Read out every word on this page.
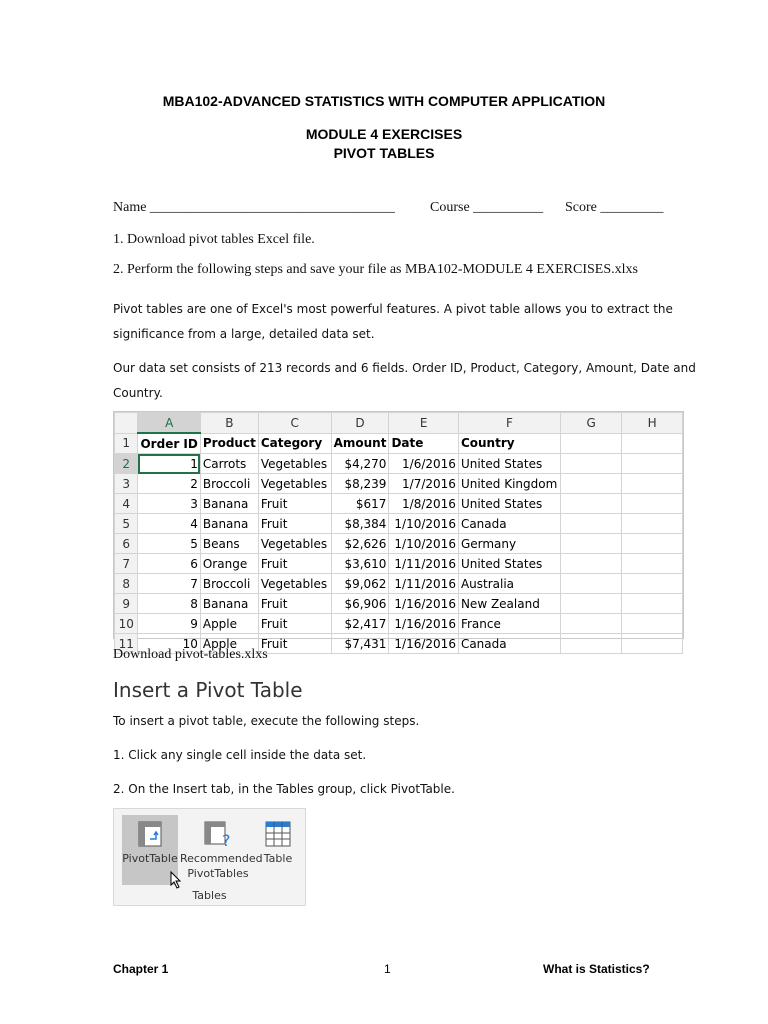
MBA102-ADVANCED STATISTICS WITH COMPUTER APPLICATION
MODULE 4 EXERCISES
PIVOT TABLES
Name ___________________________________	Course __________ Score _________
1. Download pivot tables Excel file.
2. Perform the following steps and save your file as MBA102-MODULE 4 EXERCISES.xlxs
Pivot tables are one of Excel's most powerful features. A pivot table allows you to extract the
significance from a large, detailed data set.
Our data set consists of 213 records and 6 fields. Order ID, Product, Category, Amount, Date and
Country.
	A	B	C	D	E	F	G	H
1	Order ID	Product	Category	Amount	Date	Country		
2	1	Carrots	Vegetables	$4,270	1/6/2016	United States		
3	2	Broccoli	Vegetables	$8,239	1/7/2016	United Kingdom		
4	3	Banana	Fruit	$617	1/8/2016	United States		
5	4	Banana	Fruit	$8,384	1/10/2016	Canada		
6	5	Beans	Vegetables	$2,626	1/10/2016	Germany		
7	6	Orange	Fruit	$3,610	1/11/2016	United States		
8	7	Broccoli	Vegetables	$9,062	1/11/2016	Australia		
9	8	Banana	Fruit	$6,906	1/16/2016	New Zealand		
10	9	Apple	Fruit	$2,417	1/16/2016	France		
11	10	Apple	Fruit	$7,431	1/16/2016	Canada		
Download pivot-tables.xlxs
Insert a Pivot Table
To insert a pivot table, execute the following steps.
1. Click any single cell inside the data set.
2. On the Insert tab, in the Tables group, click PivotTable.
PivotTable
?
Recommended
PivotTables
Table
Tables
Chapter 1	1	What is Statistics?
